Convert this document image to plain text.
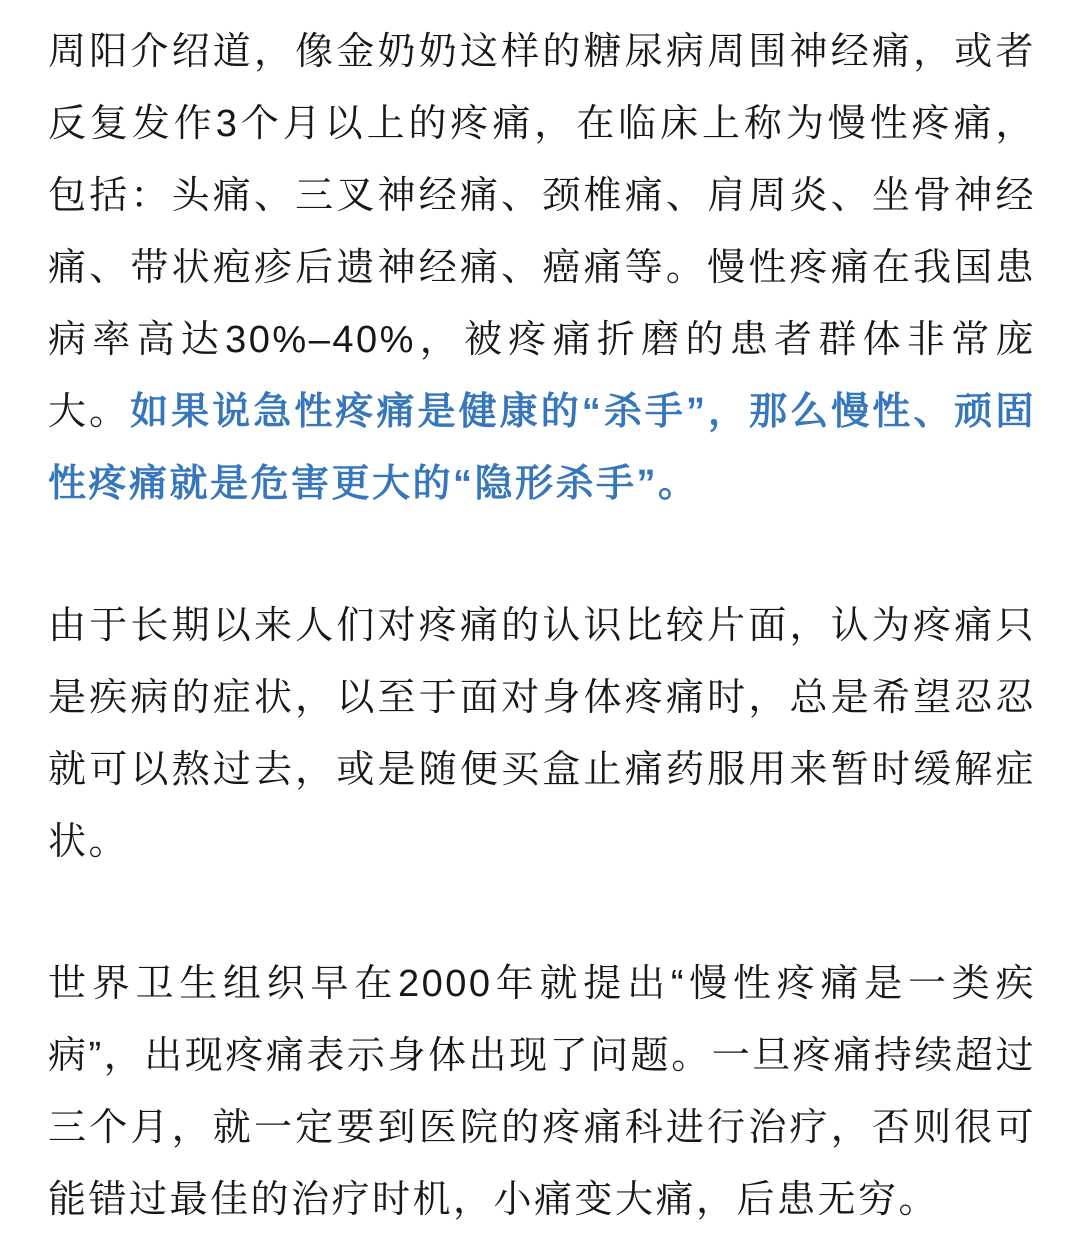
周阳介绍道，像金奶奶这样的糖尿病周围神经痛，或者反复发作3个月以上的疼痛，在临床上称为慢性疼痛，包括：头痛、三叉神经痛、颈椎痛、肩周炎、坐骨神经痛、带状疱疹后遗神经痛、癌痛等。慢性疼痛在我国患病率高达30%–40%，被疼痛折磨的患者群体非常庞大。如果说急性疼痛是健康的“杀手”，那么慢性、顽固性疼痛就是危害更大的“隐形杀手”。

由于长期以来人们对疼痛的认识比较片面，认为疼痛只是疾病的症状，以至于面对身体疼痛时，总是希望忍忍就可以熬过去，或是随便买盒止痛药服用来暂时缓解症状。

世界卫生组织早在2000年就提出“慢性疼痛是一类疾病”，出现疼痛表示身体出现了问题。一旦疼痛持续超过三个月，就一定要到医院的疼痛科进行治疗，否则很可能错过最佳的治疗时机，小痛变大痛，后患无穷。
